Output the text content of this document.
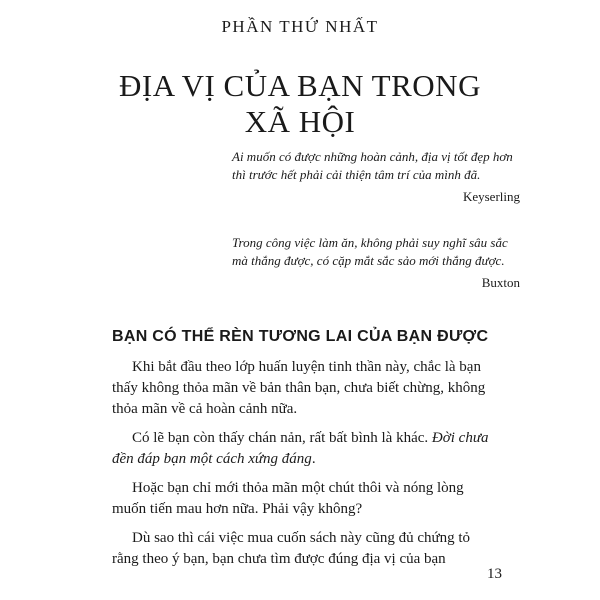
PHẦN THỨ NHẤT
ĐỊA VỊ CỦA BẠN TRONG
XÃ HỘI

Ai muốn có được những hoàn cảnh, địa vị tốt đẹp hơn thì trước hết phải cải thiện tâm trí của mình đã.

Keyserling

Trong công việc làm ăn, không phải suy nghĩ sâu sắc mà thắng được, có cặp mắt sắc sảo mới thắng được.

Buxton
BẠN CÓ THỂ RÈN TƯƠNG LAI CỦA BẠN ĐƯỢC

Khi bắt đầu theo lớp huấn luyện tinh thần này, chắc là bạn thấy không thỏa mãn về bản thân bạn, chưa biết chừng, không thỏa mãn về cả hoàn cảnh nữa.

Có lẽ bạn còn thấy chán nản, rất bất bình là khác. Đời chưa đền đáp bạn một cách xứng đáng.

Hoặc bạn chỉ mới thỏa mãn một chút thôi và nóng lòng muốn tiến mau hơn nữa. Phải vậy không?

Dù sao thì cái việc mua cuốn sách này cũng đủ chứng tỏ rằng theo ý bạn, bạn chưa tìm được đúng địa vị của bạn

13
